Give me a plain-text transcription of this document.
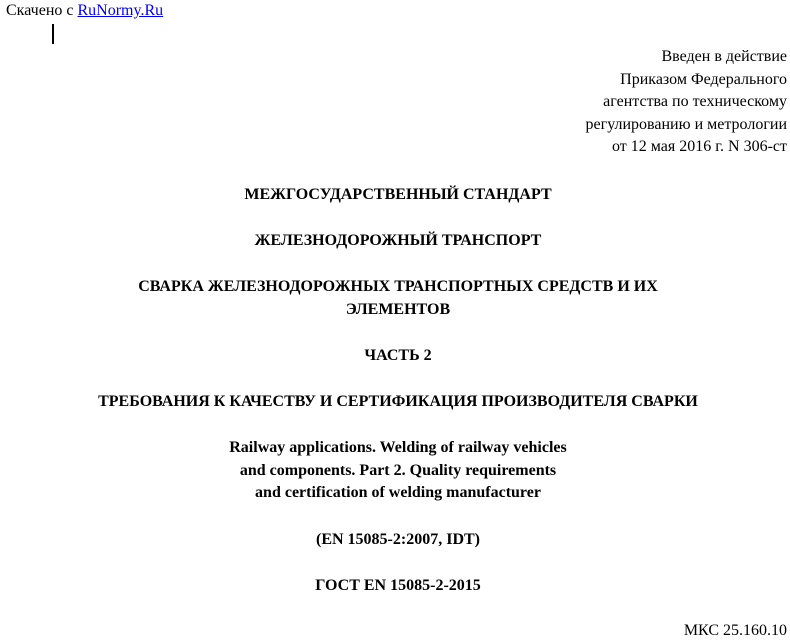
Скачено с RuNormy.Ru
Введен в действие
Приказом Федерального
агентства по техническому
регулированию и метрологии
от 12 мая 2016 г. N 306-ст
МЕЖГОСУДАРСТВЕННЫЙ СТАНДАРТ
ЖЕЛЕЗНОДОРОЖНЫЙ ТРАНСПОРТ
СВАРКА ЖЕЛЕЗНОДОРОЖНЫХ ТРАНСПОРТНЫХ СРЕДСТВ И ИХ
ЭЛЕМЕНТОВ
ЧАСТЬ 2
ТРЕБОВАНИЯ К КАЧЕСТВУ И СЕРТИФИКАЦИЯ ПРОИЗВОДИТЕЛЯ СВАРКИ
Railway applications. Welding of railway vehicles
and components. Part 2. Quality requirements
and certification of welding manufacturer
(EN 15085-2:2007, IDT)
ГОСТ EN 15085-2-2015
МКС 25.160.10
